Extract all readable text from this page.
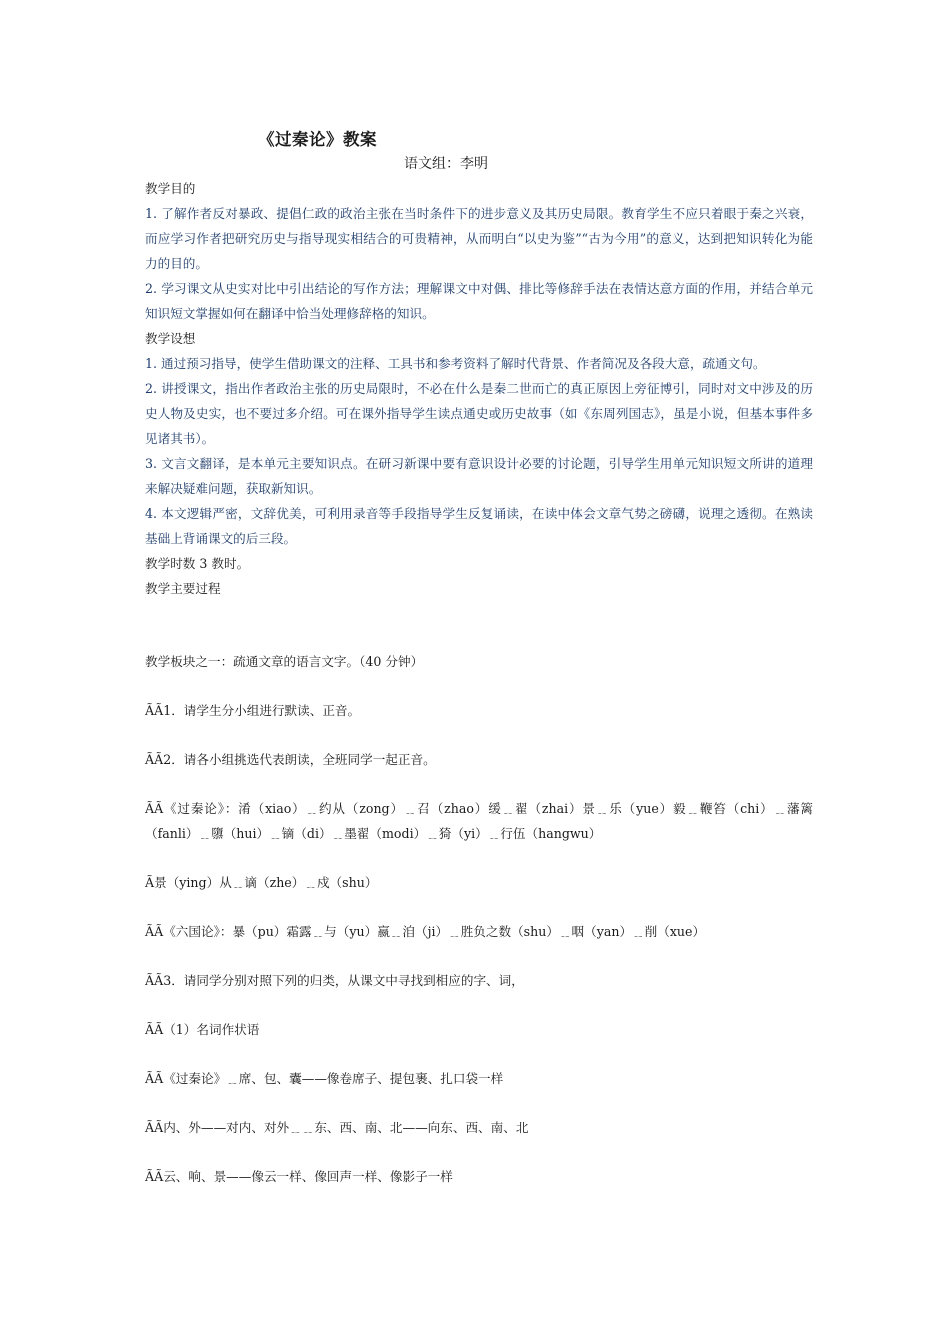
《过秦论》教案
语文组：李明

教学目的

1. 了解作者反对暴政、提倡仁政的政治主张在当时条件下的进步意义及其历史局限。教育学生不应只着眼于秦之兴衰，而应学习作者把研究历史与指导现实相结合的可贵精神，从而明白“以史为鉴”“古为今用”的意义，达到把知识转化为能力的目的。

2. 学习课文从史实对比中引出结论的写作方法；理解课文中对偶、排比等修辞手法在表情达意方面的作用，并结合单元知识短文掌握如何在翻译中恰当处理修辞格的知识。

教学设想

1. 通过预习指导，使学生借助课文的注释、工具书和参考资料了解时代背景、作者简况及各段大意，疏通文句。

2. 讲授课文，指出作者政治主张的历史局限时，不必在什么是秦二世而亡的真正原因上旁征博引，同时对文中涉及的历史人物及史实，也不要过多介绍。可在课外指导学生读点通史或历史故事（如《东周列国志》，虽是小说，但基本事件多见诸其书）。

3. 文言文翻译，是本单元主要知识点。在研习新课中要有意识设计必要的讨论题，引导学生用单元知识短文所讲的道理来解决疑难问题，获取新知识。

4. 本文逻辑严密，文辞优美，可利用录音等手段指导学生反复诵读，在读中体会文章气势之磅礴，说理之透彻。在熟读基础上背诵课文的后三段。

教学时数 3 教时。

教学主要过程

教学板块之一：疏通文章的语言文字。（40 分钟）

ÃÃ1．请学生分小组进行默读、正音。

ÃÃ2．请各小组挑选代表朗读，全班同学一起正音。

ÃÃ《过秦论》：淆（xiao）﹎约从（zong）﹎召（zhao）缓﹎翟（zhai）景﹎乐（yue）毅﹎鞭笞（chi）﹎藩篱（fanli）﹎隳（hui）﹎镝（di）﹎墨翟（modi）﹎猗（yi）﹎行伍（hangwu）

Ã景（ying）从﹎谪（zhe）﹎戍（shu）

ÃÃ《六国论》：暴（pu）霜露﹎与（yu）嬴﹎洎（ji）﹎胜负之数（shu）﹎咽（yan）﹎削（xue）

ÃÃ3．请同学分别对照下列的归类，从课文中寻找到相应的字、词，

ÃÃ（1）名词作状语

ÃÃ《过秦论》﹎席、包、囊——像卷席子、提包裹、扎口袋一样

ÃÃ内、外——对内、对外﹎﹎东、西、南、北——向东、西、南、北

ÃÃ云、响、景——像云一样、像回声一样、像影子一样
